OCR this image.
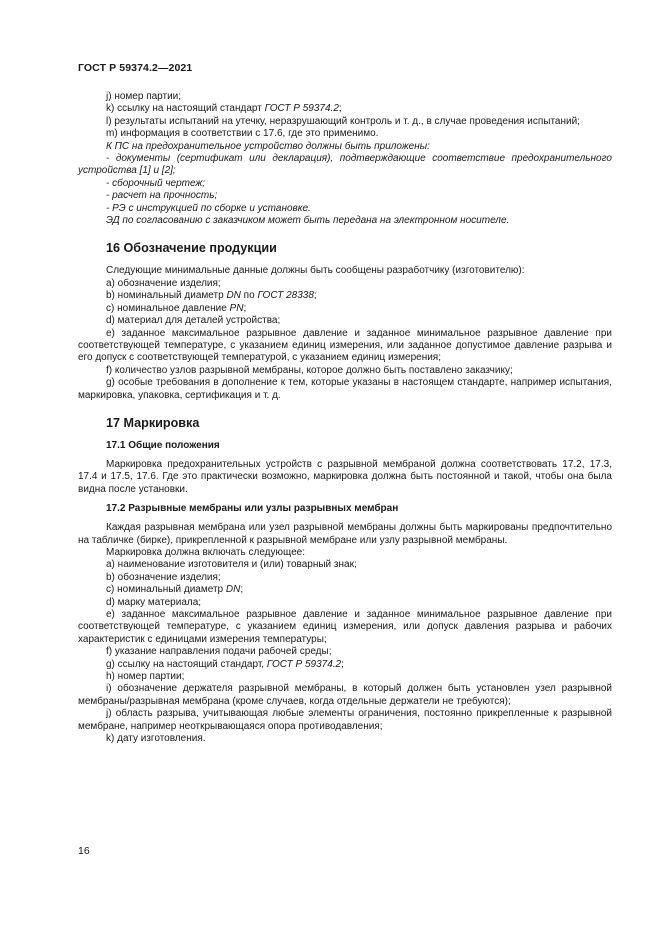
ГОСТ Р 59374.2—2021

j) номер партии;

k) ссылку на настоящий стандарт ГОСТ Р 59374.2;

l) результаты испытаний на утечку, неразрушающий контроль и т. д., в случае проведения испытаний;

m) информация в соответствии с 17.6, где это применимо.

К ПС на предохранительное устройство должны быть приложены:

- документы (сертификат или декларация), подтверждающие соответствие предохранительного устройства [1] и [2];

- сборочный чертеж;

- расчет на прочность;

- РЭ с инструкцией по сборке и установке.

ЭД по согласованию с заказчиком может быть передана на электронном носителе.

16 Обозначение продукции

Следующие минимальные данные должны быть сообщены разработчику (изготовителю):

a) обозначение изделия;

b) номинальный диаметр DN по ГОСТ 28338;

c) номинальное давление PN;

d) материал для деталей устройства;

e) заданное максимальное разрывное давление и заданное минимальное разрывное давление при соответствующей температуре, с указанием единиц измерения, или заданное допустимое давление разрыва и его допуск с соответствующей температурой, с указанием единиц измерения;

f) количество узлов разрывной мембраны, которое должно быть поставлено заказчику;

g) особые требования в дополнение к тем, которые указаны в настоящем стандарте, например испытания, маркировка, упаковка, сертификация и т. д.

17 Маркировка

17.1 Общие положения

Маркировка предохранительных устройств с разрывной мембраной должна соответствовать 17.2, 17.3, 17.4 и 17.5, 17.6. Где это практически возможно, маркировка должна быть постоянной и такой, чтобы она была видна после установки.

17.2 Разрывные мембраны или узлы разрывных мембран

Каждая разрывная мембрана или узел разрывной мембраны должны быть маркированы предпочтительно на табличке (бирке), прикрепленной к разрывной мембране или узлу разрывной мембраны.

Маркировка должна включать следующее:

a) наименование изготовителя и (или) товарный знак;

b) обозначение изделия;

c) номинальный диаметр DN;

d) марку материала;

e) заданное максимальное разрывное давление и заданное минимальное разрывное давление при соответствующей температуре, с указанием единиц измерения, или допуск давления разрыва и рабочих характеристик с единицами измерения температуры;

f) указание направления подачи рабочей среды;

g) ссылку на настоящий стандарт, ГОСТ Р 59374.2;

h) номер партии;

i) обозначение держателя разрывной мембраны, в который должен быть установлен узел разрывной мембраны/разрывная мембрана (кроме случаев, когда отдельные держатели не требуются);

j) область разрыва, учитывающая любые элементы ограничения, постоянно прикрепленные к разрывной мембране, например неоткрывающаяся опора противодавления;

k) дату изготовления.

16
